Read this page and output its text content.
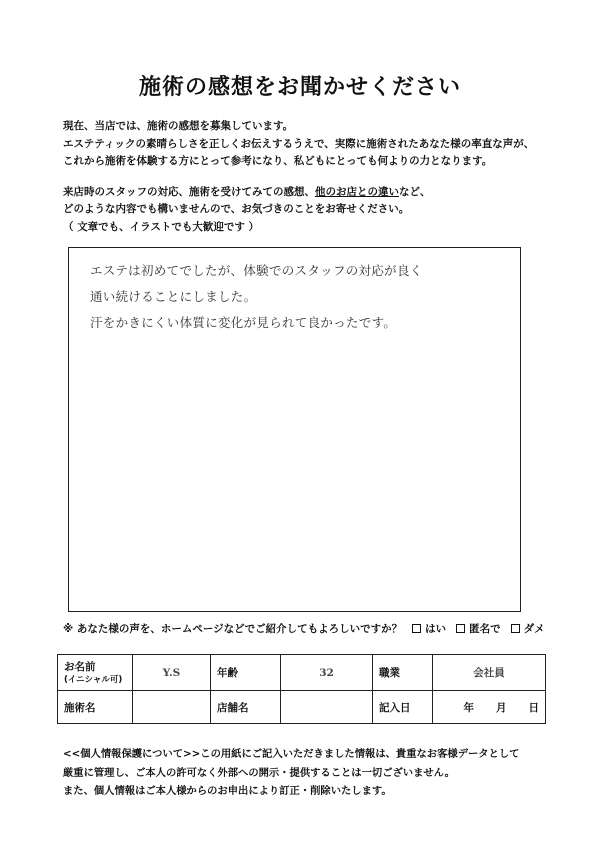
施術の感想をお聞かせください

現在、当店では、施術の感想を募集しています。

エステティックの素晴らしさを正しくお伝えするうえで、実際に施術されたあなた様の率直な声が、

これから施術を体験する方にとって参考になり、私どもにとっても何よりの力となります。

来店時のスタッフの対応、施術を受けてみての感想、他のお店との違いなど、

どのような内容でも構いませんので、お気づきのことをお寄せください。

（ 文章でも、イラストでも大歓迎です ）

エステは初めてでしたが、体験でのスタッフの対応が良く
通い続けることにしました。
汗をかきにくい体質に変化が見られて良かったです。
※ あなた様の声を、ホームページなどでご紹介してもよろしいですか？ はい 匿名で ダメ
お名前
(イニシャル可)	Y.S	年齢	32	職業	会社員
施術名		店舗名		記入日	年 月 日

<<個人情報保護について>>この用紙にご記入いただきました情報は、貴重なお客様データとして

厳重に管理し、ご本人の許可なく外部への開示・提供することは一切ございません。

また、個人情報はご本人様からのお申出により訂正・削除いたします。
